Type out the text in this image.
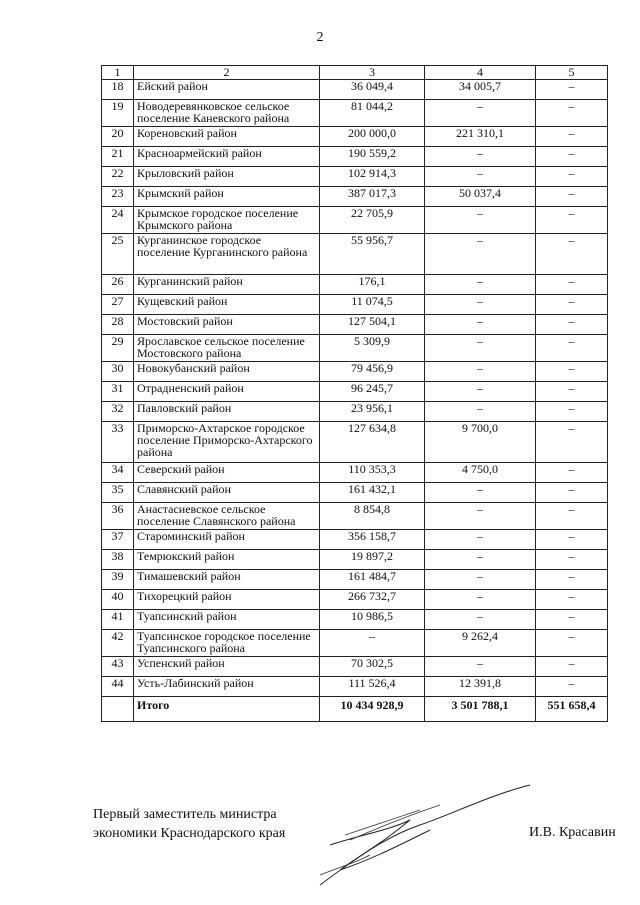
2
1	2	3	4	5
18	Ейский район	36 049,4	34 005,7	–
19	Новодеревянковское сельское поселение Каневского района	81 044,2	–	–
20	Кореновский район	200 000,0	221 310,1	–
21	Красноармейский район	190 559,2	–	–
22	Крыловский район	102 914,3	–	–
23	Крымский район	387 017,3	50 037,4	–
24	Крымское городское поселение Крымского района	22 705,9	–	–
25	Курганинское городское поселение Курганинского района	55 956,7	–	–
26	Курганинский район	176,1	–	–
27	Кущевский район	11 074,5	–	–
28	Мостовский район	127 504,1	–	–
29	Ярославское сельское поселение Мостовского района	5 309,9	–	–
30	Новокубанский район	79 456,9	–	–
31	Отрадненский район	96 245,7	–	–
32	Павловский район	23 956,1	–	–
33	Приморско-Ахтарское городское поселение Приморско-Ахтарского района	127 634,8	9 700,0	–
34	Северский район	110 353,3	4 750,0	–
35	Славянский район	161 432,1	–	–
36	Анастасиевское сельское поселение Славянского района	8 854,8	–	–
37	Староминский район	356 158,7	–	–
38	Темрюкский район	19 897,2	–	–
39	Тимашевский район	161 484,7	–	–
40	Тихорецкий район	266 732,7	–	–
41	Туапсинский район	10 986,5	–	–
42	Туапсинское городское поселение Туапсинского района	–	9 262,4	–
43	Успенский район	70 302,5	–	–
44	Усть-Лабинский район	111 526,4	12 391,8	–
	Итого	10 434 928,9	3 501 788,1	551 658,4
Первый заместитель министра
экономики Краснодарского края	И.В. Красавин
